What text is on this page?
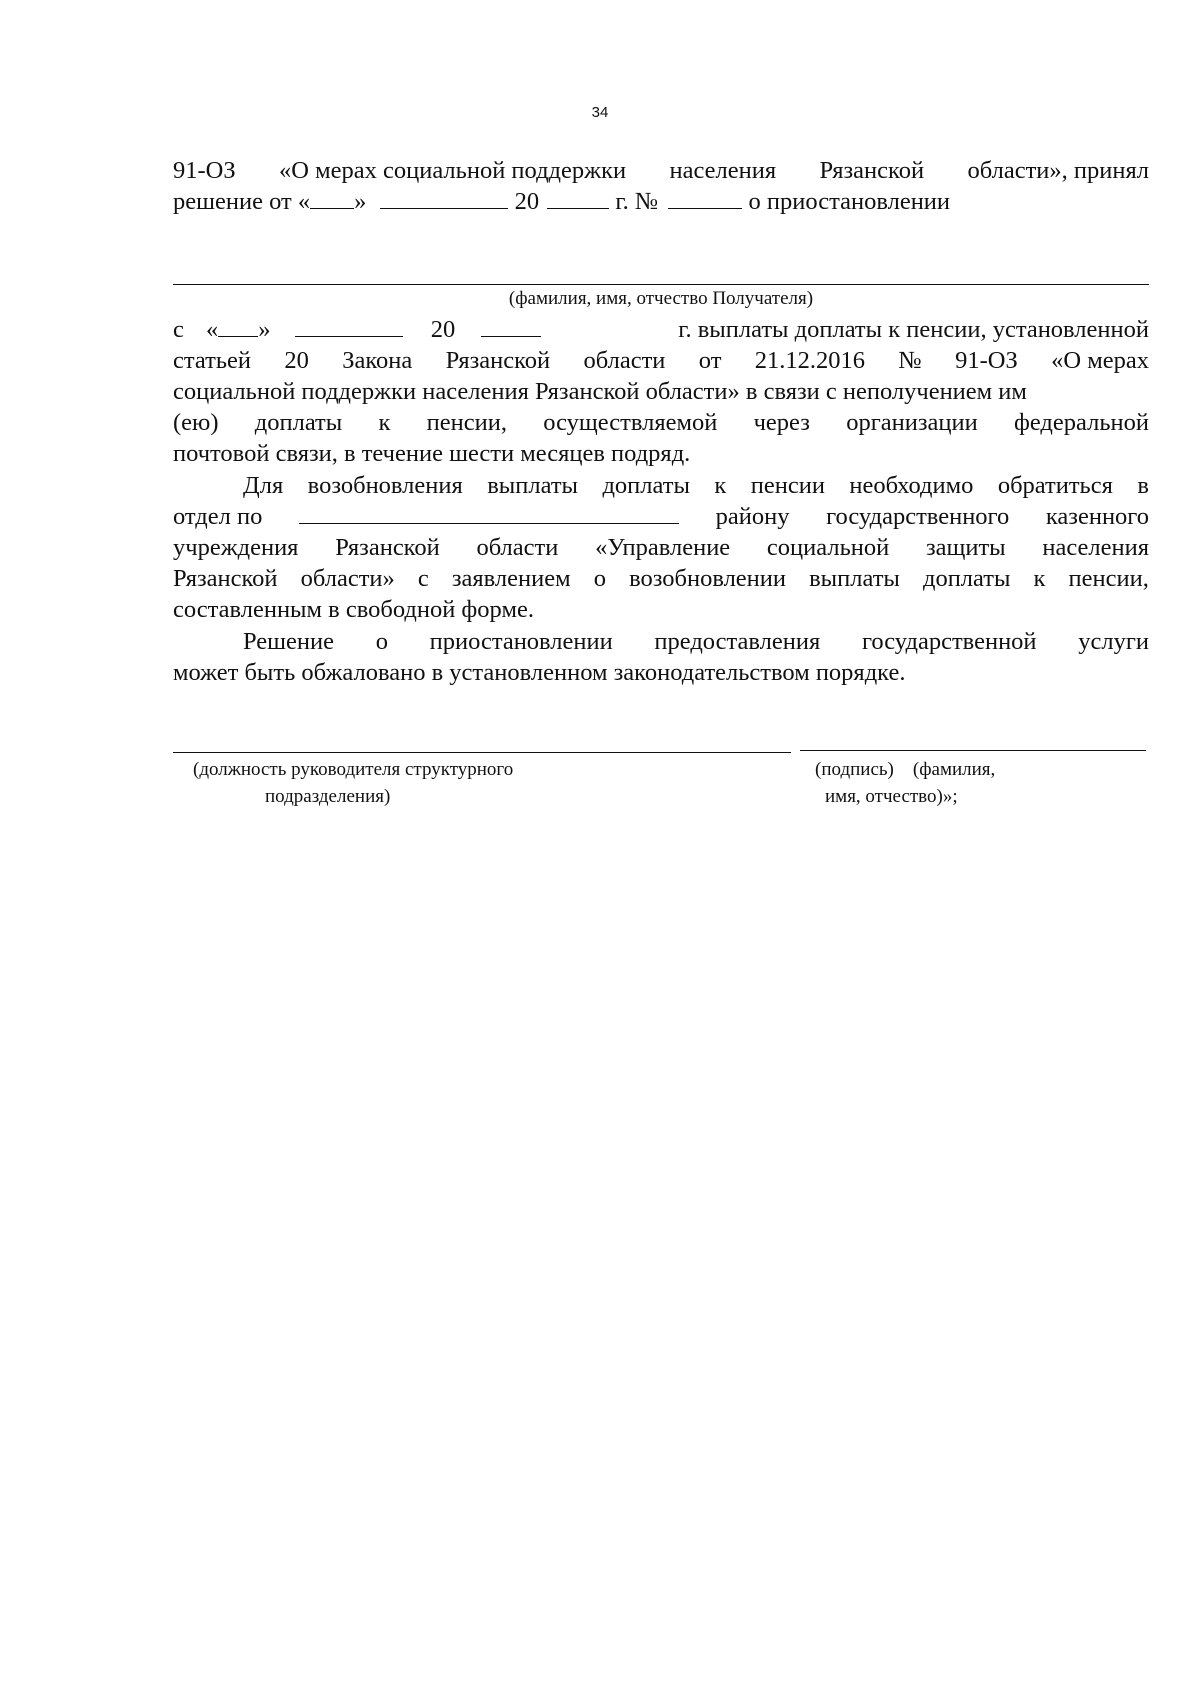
34
91-ОЗ «О мерах социальной поддержки населения Рязанской области», принял
решение от « »	20	г. №	о приостановлении
(фамилия, имя, отчество Получателя)
с « »	20	г. выплаты доплаты к пенсии, установленной
статьей 20 Закона Рязанской области от 21.12.2016 № 91-ОЗ «О мерах
социальной поддержки населения Рязанской области» в связи с неполучением им
(ею) доплаты к пенсии, осуществляемой через организации федеральной
почтовой связи, в течение шести месяцев подряд.
Для возобновления выплаты доплаты к пенсии необходимо обратиться в
отдел по	району государственного казенного
учреждения Рязанской области «Управление социальной защиты населения
Рязанской области» с заявлением о возобновлении выплаты доплаты к пенсии,
составленным в свободной форме.
Решение о приостановлении предоставления государственной услуги
может быть обжаловано в установленном законодательством порядке.
(должность руководителя структурного
подразделения)
(подпись)    (фамилия,
имя, отчество)»;
